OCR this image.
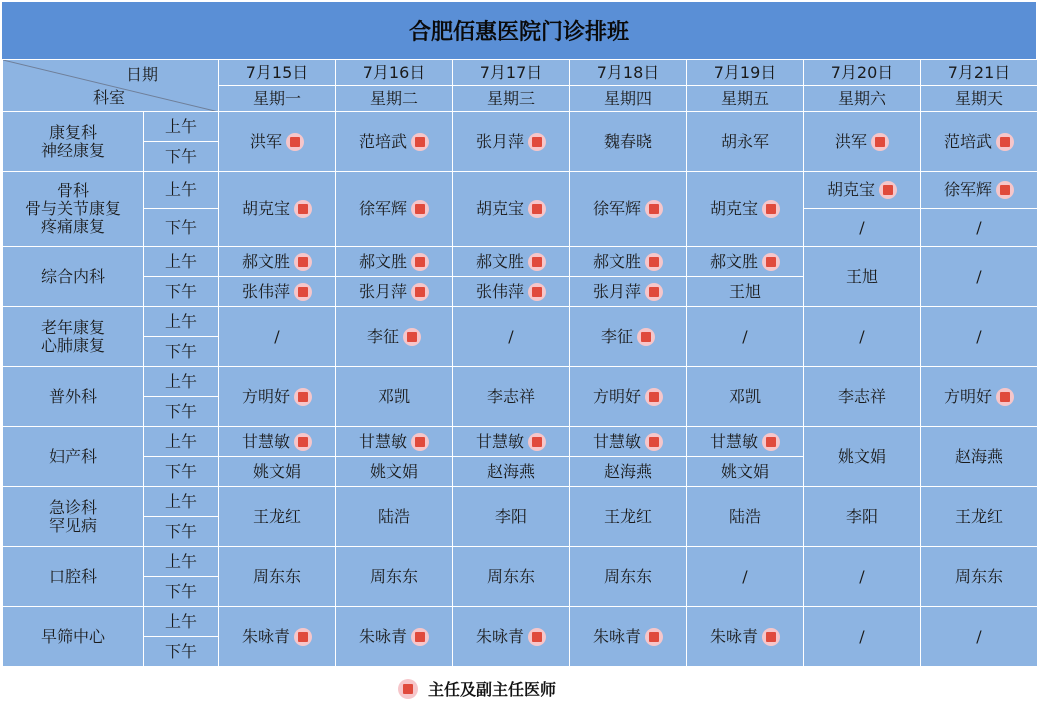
合肥佰惠医院门诊排班
日期
科室		7月15日	7月16日	7月17日	7月18日	7月19日	7月20日	7月21日
		星期一	星期二	星期三	星期四	星期五	星期六	星期天

康复科
神经康复	上午	洪军	范培武	张月萍	魏春晓	胡永军	洪军	范培武

	下午							

骨科
骨与关节康复
疼痛康复	上午	胡克宝	徐军辉	胡克宝	徐军辉	胡克宝	胡克宝	徐军辉

	下午						/	/

综合内科	上午	郝文胜	郝文胜	郝文胜	郝文胜	郝文胜	王旭	/

	下午	张伟萍	张月萍	张伟萍	张月萍	王旭		

老年康复
心肺康复	上午	/	李征	/	李征	/	/	/

	下午							

普外科	上午	方明好	邓凯	李志祥	方明好	邓凯	李志祥	方明好

	下午							

妇产科	上午	甘慧敏	甘慧敏	甘慧敏	甘慧敏	甘慧敏	姚文娟	赵海燕

	下午	姚文娟	姚文娟	赵海燕	赵海燕	姚文娟		

急诊科
罕见病	上午	王龙红	陆浩	李阳	王龙红	陆浩	李阳	王龙红

	下午							

口腔科	上午	周东东	周东东	周东东	周东东	/	/	周东东

	下午							

早筛中心	上午	朱咏青	朱咏青	朱咏青	朱咏青	朱咏青	/	/

	下午							
主任及副主任医师
